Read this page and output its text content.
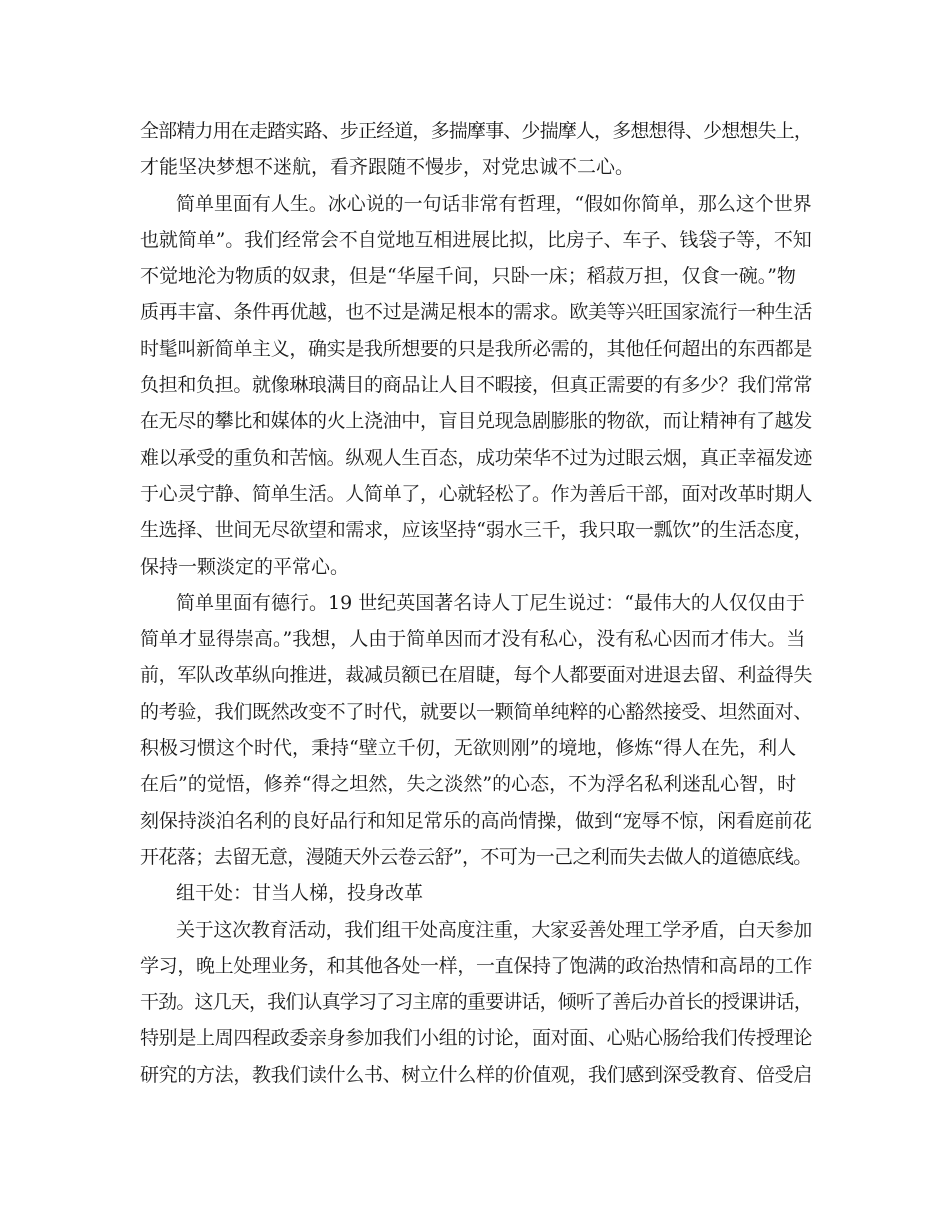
全部精力用在走踏实路、步正经道，多揣摩事、少揣摩人，多想想得、少想想失上，
才能坚决梦想不迷航，看齐跟随不慢步，对党忠诚不二心。
简单里面有人生。冰心说的一句话非常有哲理，“假如你简单，那么这个世界
也就简单”。我们经常会不自觉地互相进展比拟，比房子、车子、钱袋子等，不知
不觉地沦为物质的奴隶，但是“华屋千间，只卧一床；稻菽万担，仅食一碗。”物
质再丰富、条件再优越，也不过是满足根本的需求。欧美等兴旺国家流行一种生活
时髦叫新简单主义，确实是我所想要的只是我所必需的，其他任何超出的东西都是
负担和负担。就像琳琅满目的商品让人目不暇接，但真正需要的有多少？我们常常
在无尽的攀比和媒体的火上浇油中，盲目兑现急剧膨胀的物欲，而让精神有了越发
难以承受的重负和苦恼。纵观人生百态，成功荣华不过为过眼云烟，真正幸福发迹
于心灵宁静、简单生活。人简单了，心就轻松了。作为善后干部，面对改革时期人
生选择、世间无尽欲望和需求，应该坚持“弱水三千，我只取一瓢饮”的生活态度，
保持一颗淡定的平常心。
简单里面有德行。19 世纪英国著名诗人丁尼生说过：“最伟大的人仅仅由于
简单才显得崇高。”我想，人由于简单因而才没有私心，没有私心因而才伟大。当
前，军队改革纵向推进，裁减员额已在眉睫，每个人都要面对进退去留、利益得失
的考验，我们既然改变不了时代，就要以一颗简单纯粹的心豁然接受、坦然面对、
积极习惯这个时代，秉持“壁立千仞，无欲则刚”的境地，修炼“得人在先，利人
在后”的觉悟，修养“得之坦然，失之淡然”的心态，不为浮名私利迷乱心智，时
刻保持淡泊名利的良好品行和知足常乐的高尚情操，做到“宠辱不惊，闲看庭前花
开花落；去留无意，漫随天外云卷云舒”，不可为一己之利而失去做人的道德底线。
组干处：甘当人梯，投身改革
关于这次教育活动，我们组干处高度注重，大家妥善处理工学矛盾，白天参加
学习，晚上处理业务，和其他各处一样，一直保持了饱满的政治热情和高昂的工作
干劲。这几天，我们认真学习了习主席的重要讲话，倾听了善后办首长的授课讲话，
特别是上周四程政委亲身参加我们小组的讨论，面对面、心贴心肠给我们传授理论
研究的方法，教我们读什么书、树立什么样的价值观，我们感到深受教育、倍受启
